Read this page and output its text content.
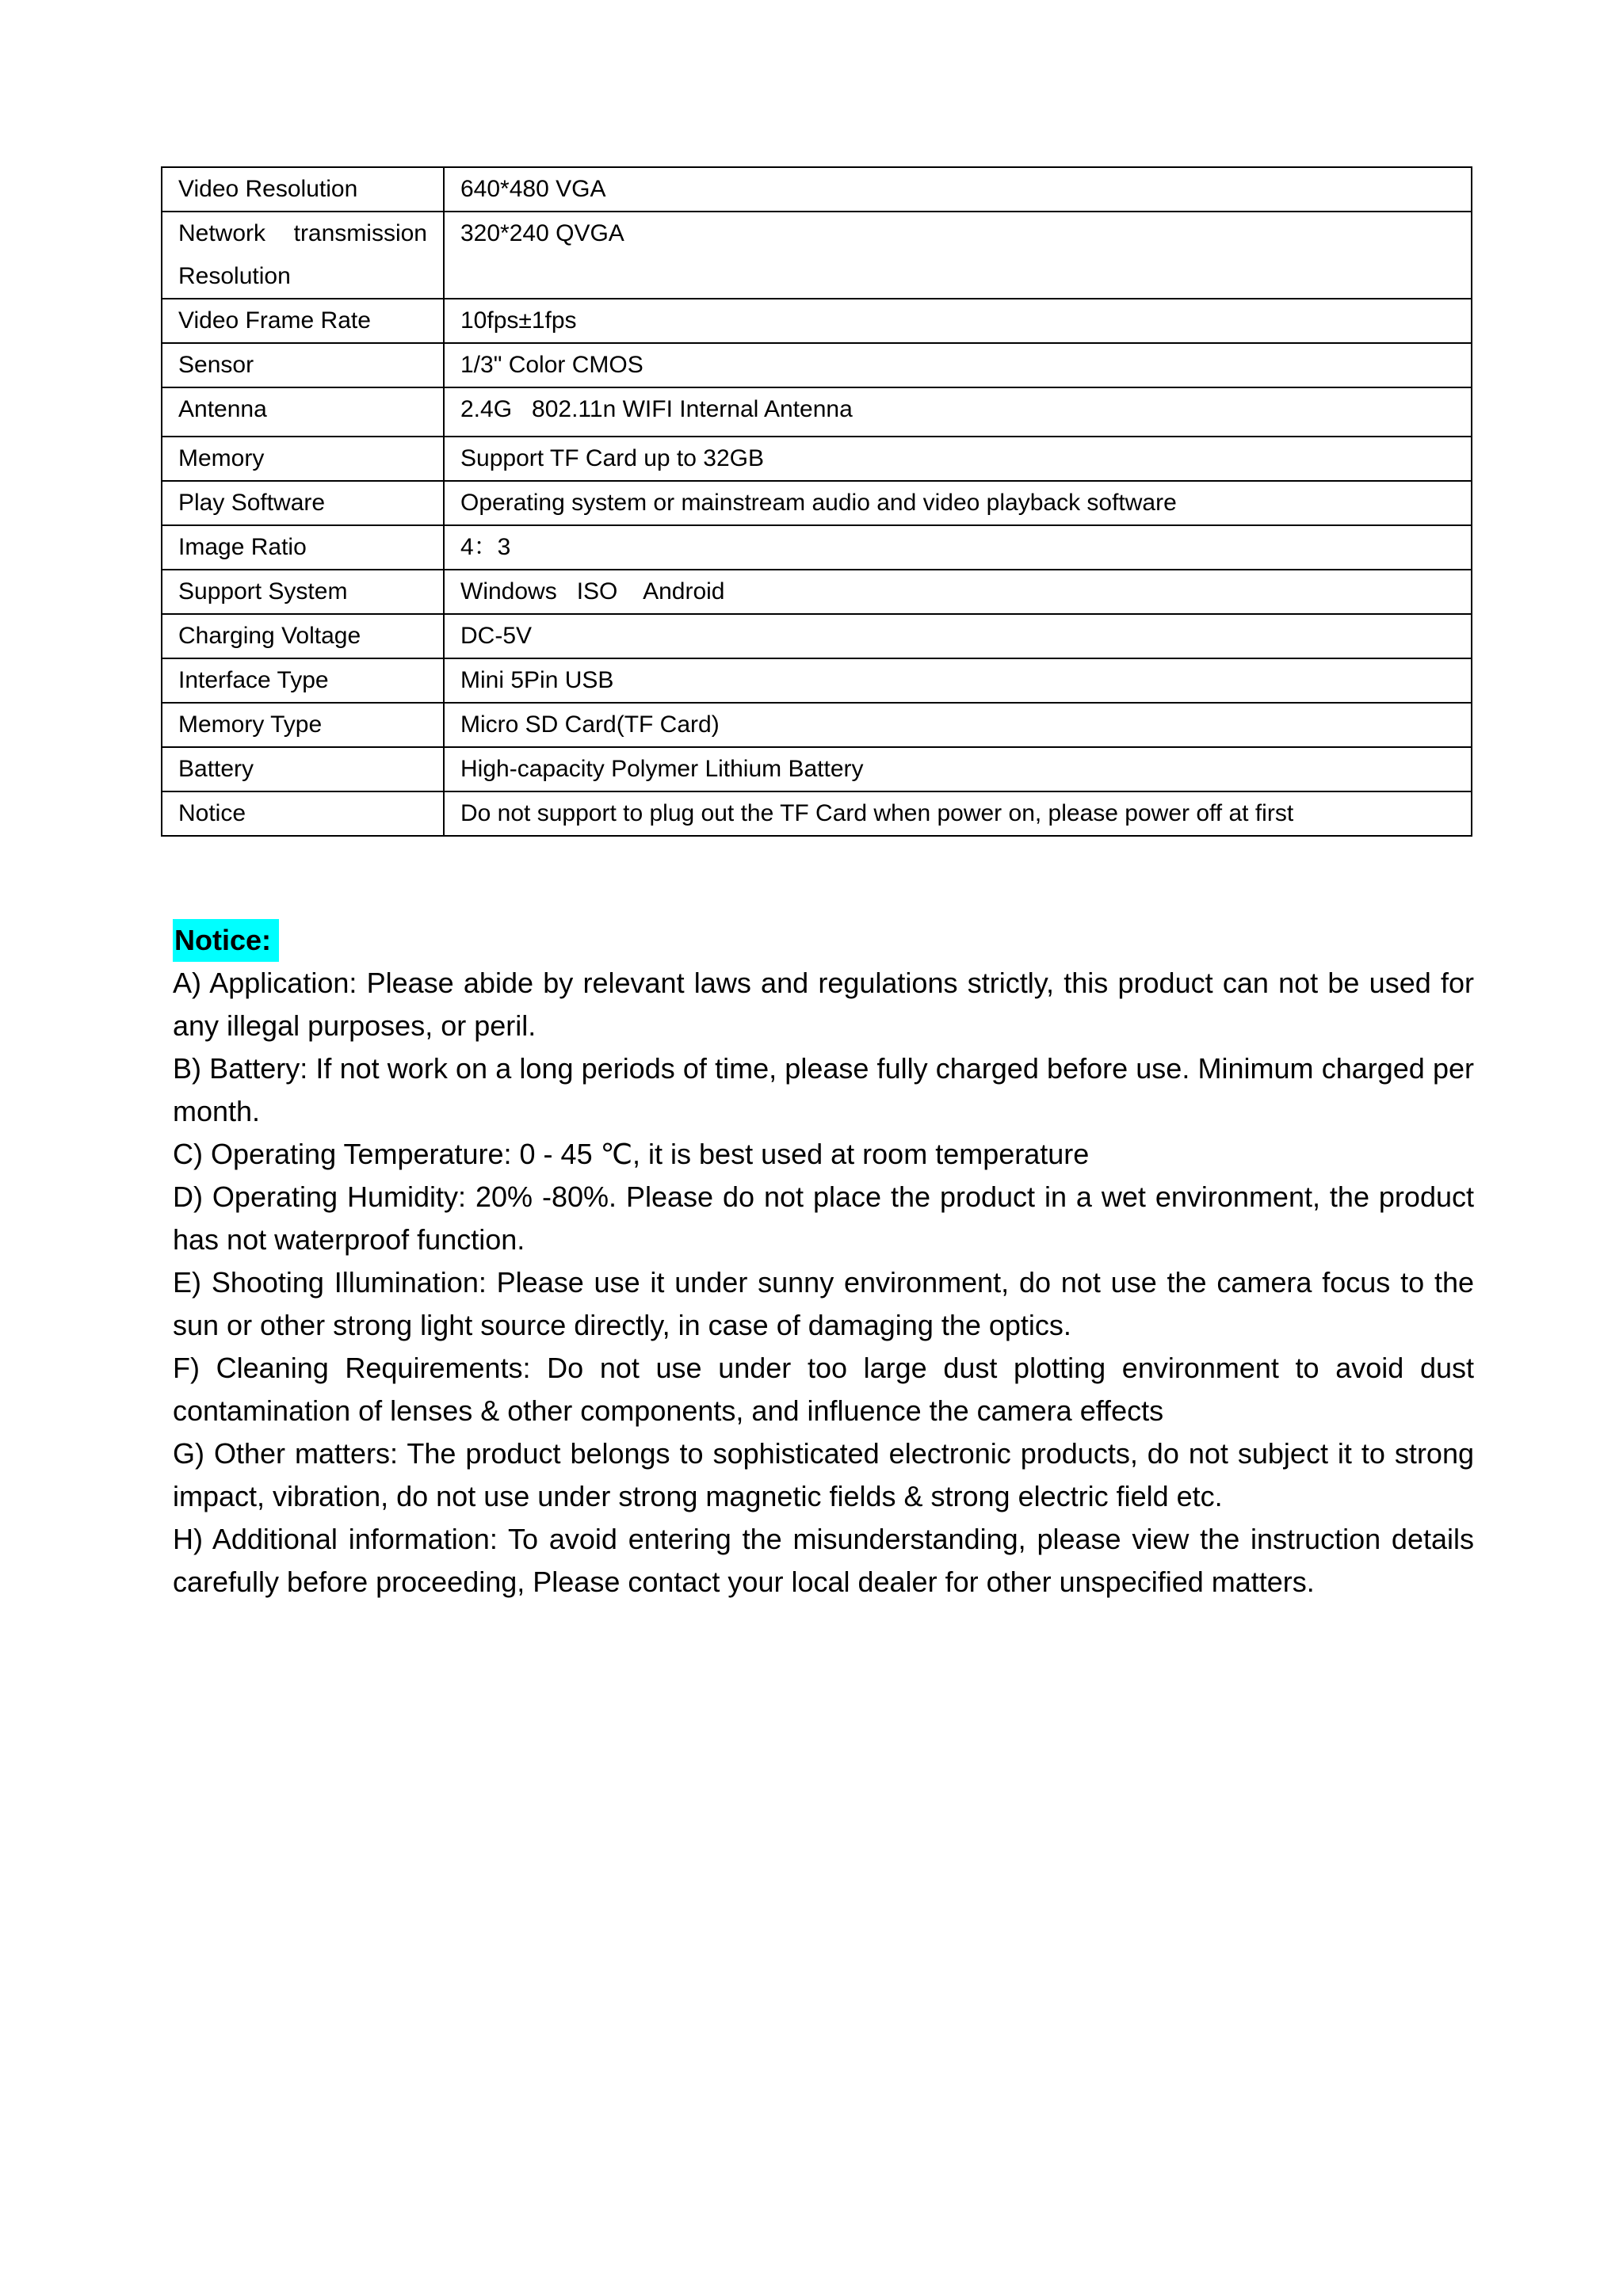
Video Resolution	640*480 VGA
Network transmission Resolution	320*240 QVGA
Video Frame Rate	10fps±1fps
Sensor	1/3" Color CMOS
Antenna	2.4G   802.11n WIFI Internal Antenna
Memory	Support TF Card up to 32GB
Play Software	Operating system or mainstream audio and video playback software
Image Ratio	4：3
Support System	Windows   ISO    Android
Charging Voltage	DC-5V
Interface Type	Mini 5Pin USB
Memory Type	Micro SD Card(TF Card)
Battery	High-capacity Polymer Lithium Battery
Notice	Do not support to plug out the TF Card when power on, please power off at first
Notice:

A) Application: Please abide by relevant laws and regulations strictly, this product can not be used for any illegal purposes, or peril.

B) Battery: If not work on a long periods of time, please fully charged before use. Minimum charged per month.

C) Operating Temperature: 0 - 45 ℃, it is best used at room temperature

D) Operating Humidity: 20% -80%. Please do not place the product in a wet environment, the product has not waterproof function.

E) Shooting Illumination: Please use it under sunny environment, do not use the camera focus to the sun or other strong light source directly, in case of damaging the optics.

F) Cleaning Requirements: Do not use under too large dust plotting environment to avoid dust contamination of lenses & other components, and influence the camera effects

G) Other matters: The product belongs to sophisticated electronic products, do not subject it to strong impact, vibration, do not use under strong magnetic fields & strong electric field etc.

H) Additional information: To avoid entering the misunderstanding, please view the instruction details carefully before proceeding, Please contact your local dealer for other unspecified matters.
